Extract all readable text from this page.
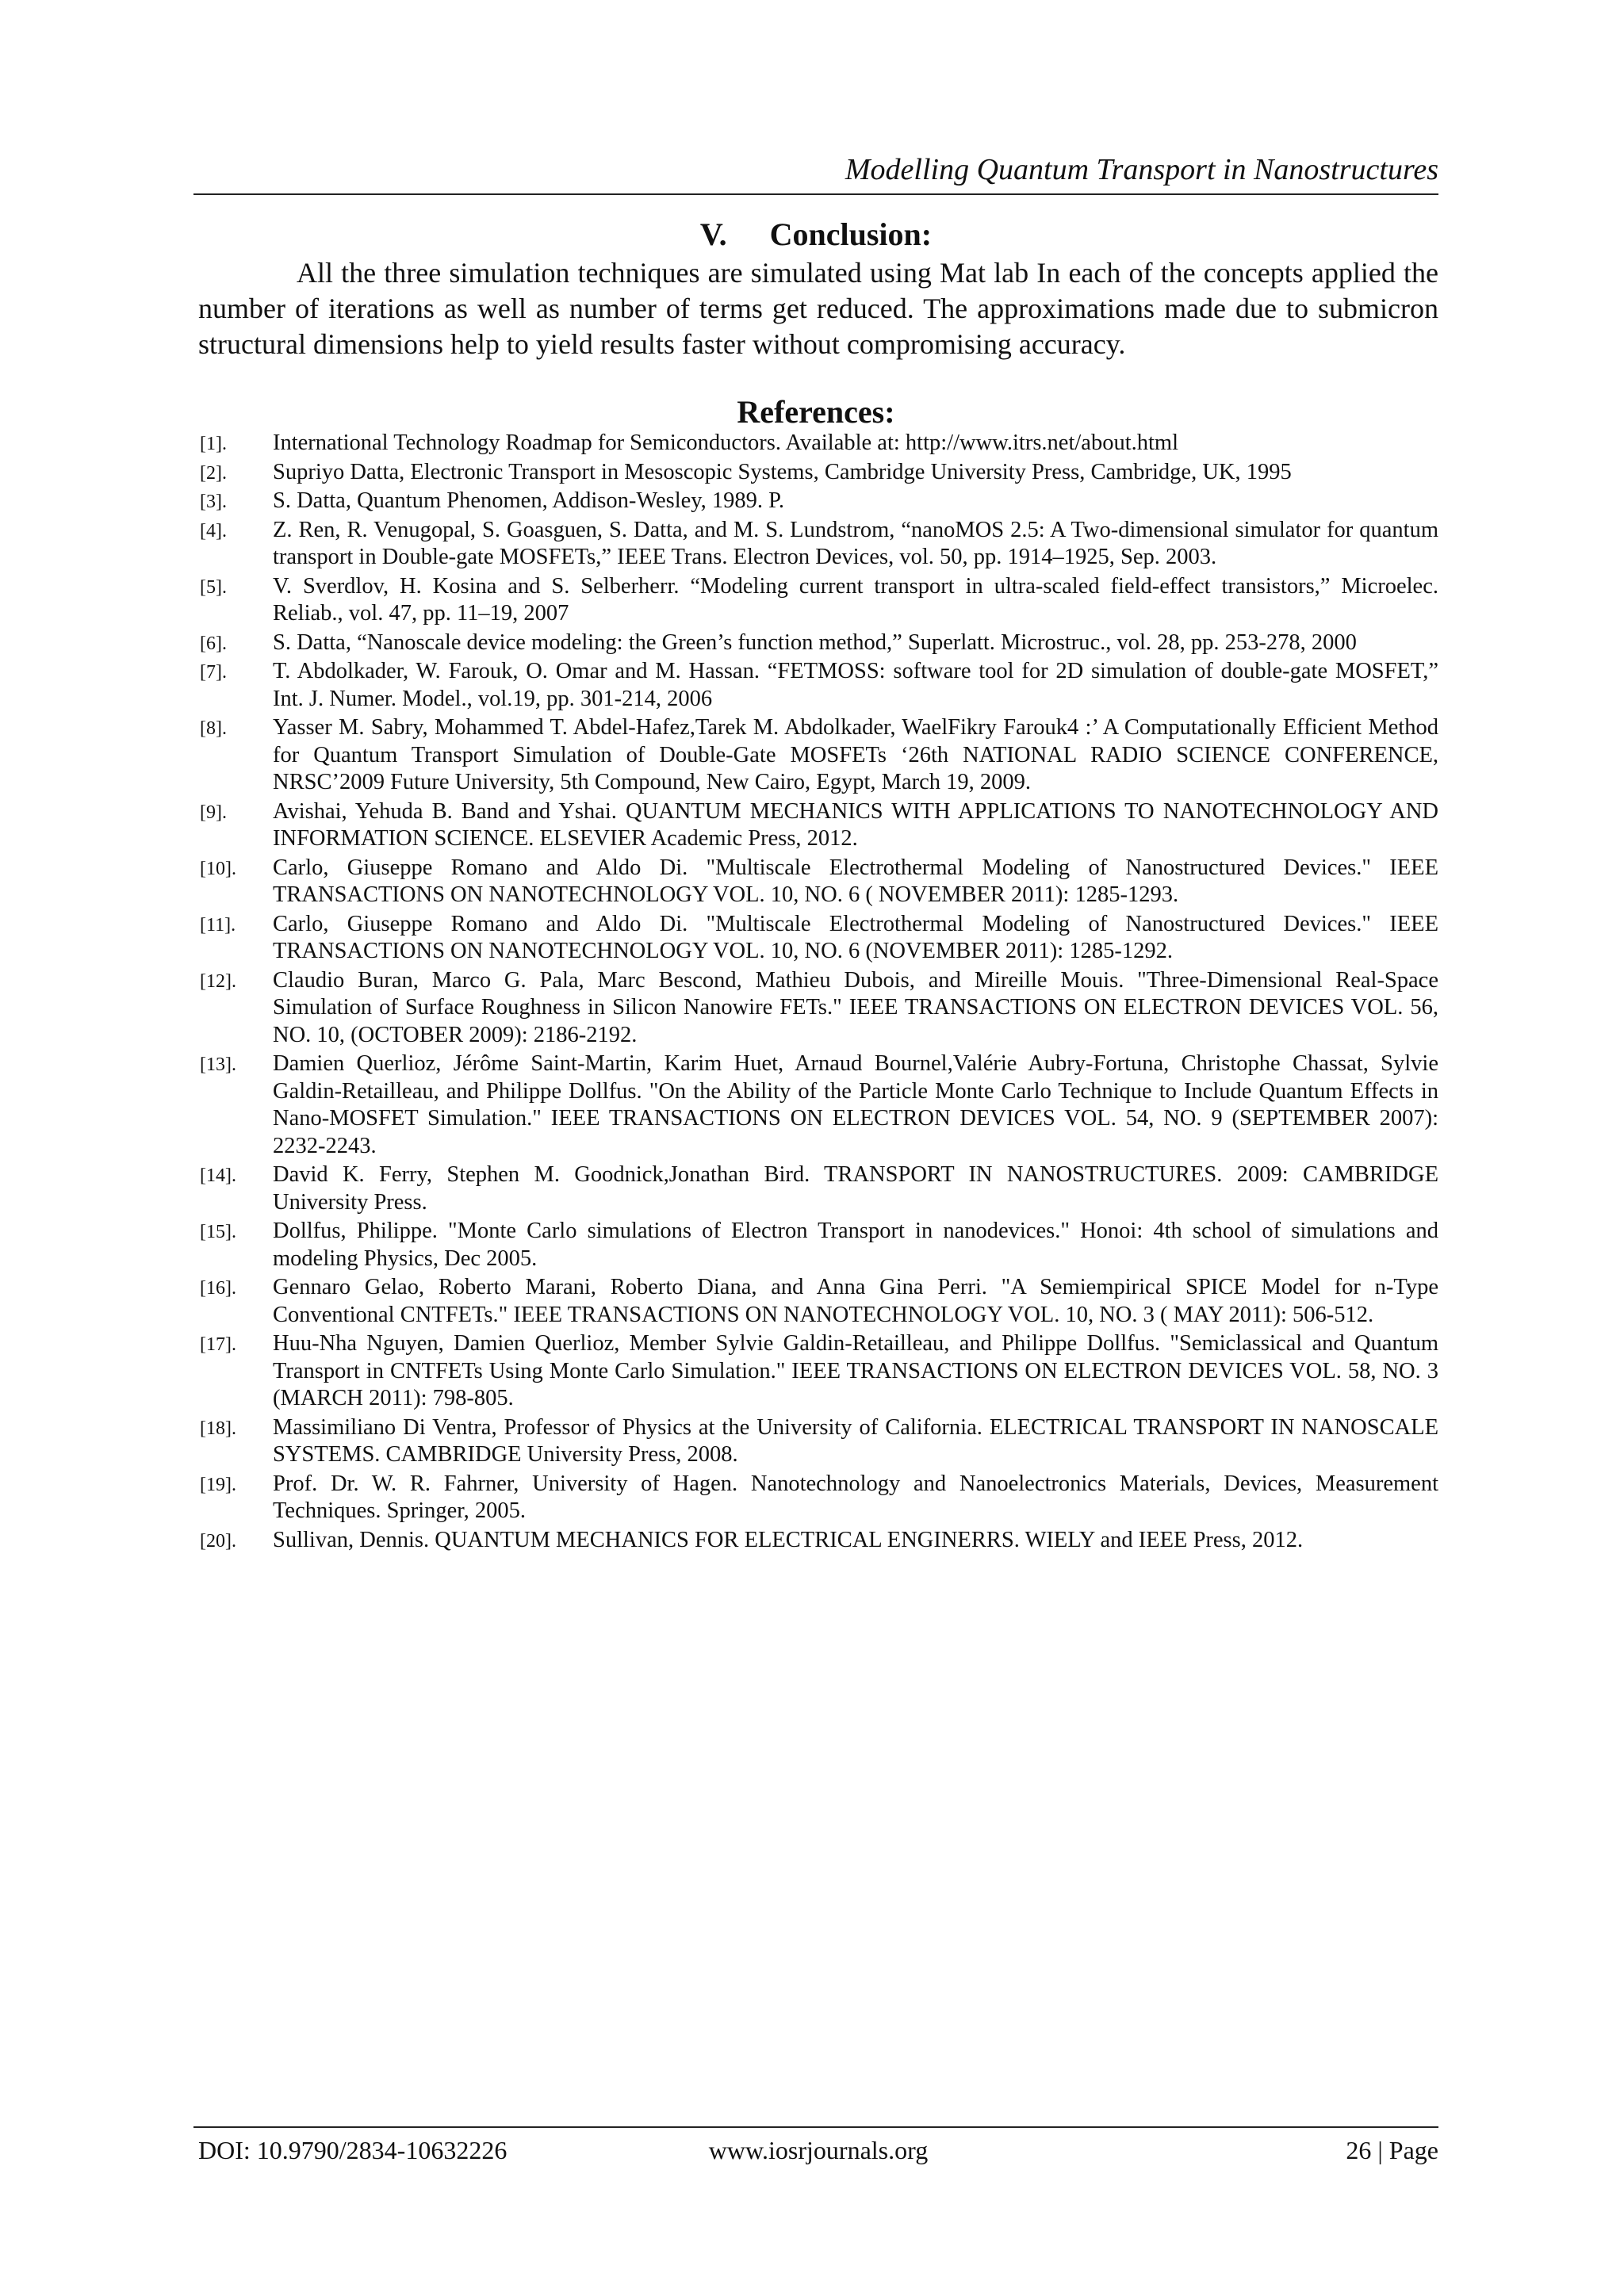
Modelling Quantum Transport in Nanostructures
V. Conclusion:

All the three simulation techniques are simulated using Mat lab In each of the concepts applied the number of iterations as well as number of terms get reduced. The approximations made due to submicron structural dimensions help to yield results faster without compromising accuracy.

References:
[1]. International Technology Roadmap for Semiconductors. Available at: http://www.itrs.net/about.html
[2]. Supriyo Datta, Electronic Transport in Mesoscopic Systems, Cambridge University Press, Cambridge, UK, 1995
[3]. S. Datta, Quantum Phenomen, Addison-Wesley, 1989. P.
[4]. Z. Ren, R. Venugopal, S. Goasguen, S. Datta, and M. S. Lundstrom, “nanoMOS 2.5: A Two-dimensional simulator for quantum transport in Double-gate MOSFETs,” IEEE Trans. Electron Devices, vol. 50, pp. 1914–1925, Sep. 2003.
[5]. V. Sverdlov, H. Kosina and S. Selberherr. “Modeling current transport in ultra-scaled field-effect transistors,” Microelec. Reliab., vol. 47, pp. 11–19, 2007
[6]. S. Datta, “Nanoscale device modeling: the Green’s function method,” Superlatt. Microstruc., vol. 28, pp. 253-278, 2000
[7]. T. Abdolkader, W. Farouk, O. Omar and M. Hassan. “FETMOSS: software tool for 2D simulation of double-gate MOSFET,” Int. J. Numer. Model., vol.19, pp. 301-214, 2006
[8]. Yasser M. Sabry, Mohammed T. Abdel-Hafez,Tarek M. Abdolkader, WaelFikry Farouk4 :’ A Computationally Efficient Method for Quantum Transport Simulation of Double-Gate MOSFETs ‘26th NATIONAL RADIO SCIENCE CONFERENCE, NRSC’2009 Future University, 5th Compound, New Cairo, Egypt, March 19, 2009.
[9]. Avishai, Yehuda B. Band and Yshai. QUANTUM MECHANICS WITH APPLICATIONS TO NANOTECHNOLOGY AND INFORMATION SCIENCE. ELSEVIER Academic Press, 2012.
[10]. Carlo, Giuseppe Romano and Aldo Di. "Multiscale Electrothermal Modeling of Nanostructured Devices." IEEE TRANSACTIONS ON NANOTECHNOLOGY VOL. 10, NO. 6 ( NOVEMBER 2011): 1285-1293.
[11]. Carlo, Giuseppe Romano and Aldo Di. "Multiscale Electrothermal Modeling of Nanostructured Devices." IEEE TRANSACTIONS ON NANOTECHNOLOGY VOL. 10, NO. 6 (NOVEMBER 2011): 1285-1292.
[12]. Claudio Buran, Marco G. Pala, Marc Bescond, Mathieu Dubois, and Mireille Mouis. "Three-Dimensional Real-Space Simulation of Surface Roughness in Silicon Nanowire FETs." IEEE TRANSACTIONS ON ELECTRON DEVICES VOL. 56, NO. 10, (OCTOBER 2009): 2186-2192.
[13]. Damien Querlioz, Jérôme Saint-Martin, Karim Huet, Arnaud Bournel,Valérie Aubry-Fortuna, Christophe Chassat, Sylvie Galdin-Retailleau, and Philippe Dollfus. "On the Ability of the Particle Monte Carlo Technique to Include Quantum Effects in Nano-MOSFET Simulation." IEEE TRANSACTIONS ON ELECTRON DEVICES VOL. 54, NO. 9 (SEPTEMBER 2007): 2232-2243.
[14]. David K. Ferry, Stephen M. Goodnick,Jonathan Bird. TRANSPORT IN NANOSTRUCTURES. 2009: CAMBRIDGE University Press.
[15]. Dollfus, Philippe. "Monte Carlo simulations of Electron Transport in nanodevices." Honoi: 4th school of simulations and modeling Physics, Dec 2005.
[16]. Gennaro Gelao, Roberto Marani, Roberto Diana, and Anna Gina Perri. "A Semiempirical SPICE Model for n-Type Conventional CNTFETs." IEEE TRANSACTIONS ON NANOTECHNOLOGY VOL. 10, NO. 3 ( MAY 2011): 506-512.
[17]. Huu-Nha Nguyen, Damien Querlioz, Member Sylvie Galdin-Retailleau, and Philippe Dollfus. "Semiclassical and Quantum Transport in CNTFETs Using Monte Carlo Simulation." IEEE TRANSACTIONS ON ELECTRON DEVICES VOL. 58, NO. 3 (MARCH 2011): 798-805.
[18]. Massimiliano Di Ventra, Professor of Physics at the University of California. ELECTRICAL TRANSPORT IN NANOSCALE SYSTEMS. CAMBRIDGE University Press, 2008.
[19]. Prof. Dr. W. R. Fahrner, University of Hagen. Nanotechnology and Nanoelectronics Materials, Devices, Measurement Techniques. Springer, 2005.
[20]. Sullivan, Dennis. QUANTUM MECHANICS FOR ELECTRICAL ENGINERRS. WIELY and IEEE Press, 2012.
DOI: 10.9790/2834-10632226	www.iosrjournals.org	26 | Page
